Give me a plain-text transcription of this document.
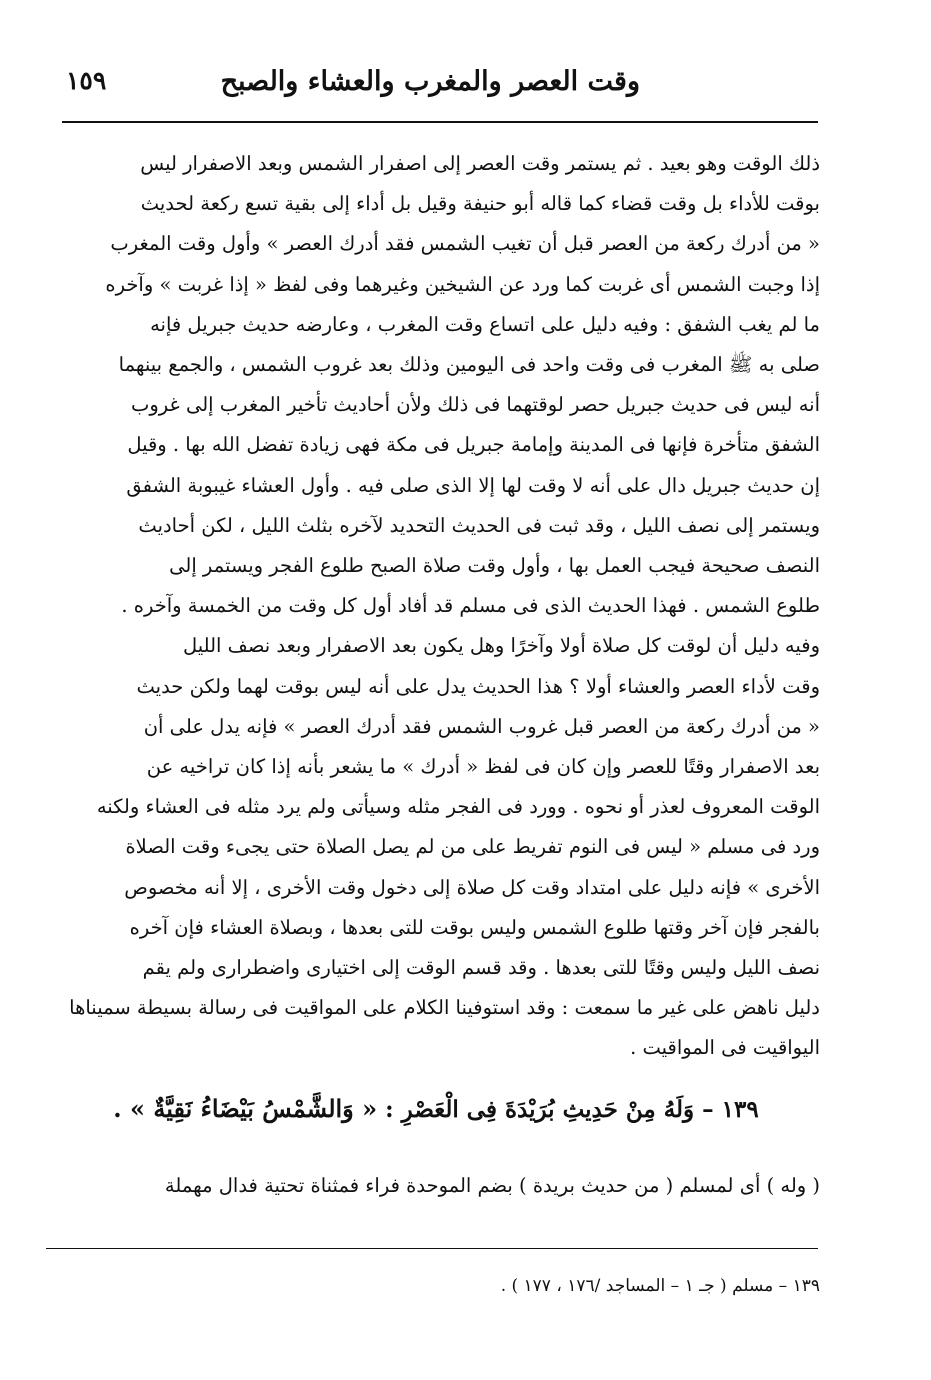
وقت العصر والمغرب والعشاء والصبح
١٥٩

ذلك الوقت وهو بعيد . ثم يستمر وقت العصر إلى اصفرار الشمس وبعد الاصفرار ليس

بوقت للأداء بل وقت قضاء كما قاله أبو حنيفة وقيل بل أداء إلى بقية تسع ركعة لحديث

« من أدرك ركعة من العصر قبل أن تغيب الشمس فقد أدرك العصر » وأول وقت المغرب

إذا وجبت الشمس أى غربت كما ورد عن الشيخين وغيرهما وفى لفظ « إذا غربت » وآخره

ما لم يغب الشفق : وفيه دليل على اتساع وقت المغرب ، وعارضه حديث جبريل فإنه

صلى به ﷺ المغرب فى وقت واحد فى اليومين وذلك بعد غروب الشمس ، والجمع بينهما

أنه ليس فى حديث جبريل حصر لوقتهما فى ذلك ولأن أحاديث تأخير المغرب إلى غروب

الشفق متأخرة فإنها فى المدينة وإمامة جبريل فى مكة فهى زيادة تفضل الله بها . وقيل

إن حديث جبريل دال على أنه لا وقت لها إلا الذى صلى فيه . وأول العشاء غيبوبة الشفق

ويستمر إلى نصف الليل ، وقد ثبت فى الحديث التحديد لآخره بثلث الليل ، لكن أحاديث

النصف صحيحة فيجب العمل بها ، وأول وقت صلاة الصبح طلوع الفجر ويستمر إلى

طلوع الشمس . فهذا الحديث الذى فى مسلم قد أفاد أول كل وقت من الخمسة وآخره .

وفيه دليل أن لوقت كل صلاة أولا وآخرًا وهل يكون بعد الاصفرار وبعد نصف الليل

وقت لأداء العصر والعشاء أولا ؟ هذا الحديث يدل على أنه ليس بوقت لهما ولكن حديث

« من أدرك ركعة من العصر قبل غروب الشمس فقد أدرك العصر » فإنه يدل على أن

بعد الاصفرار وقتًا للعصر وإن كان فى لفظ « أدرك » ما يشعر بأنه إذا كان تراخيه عن

الوقت المعروف لعذر أو نحوه . وورد فى الفجر مثله وسيأتى ولم يرد مثله فى العشاء ولكنه

ورد فى مسلم « ليس فى النوم تفريط على من لم يصل الصلاة حتى يجىء وقت الصلاة

الأخرى » فإنه دليل على امتداد وقت كل صلاة إلى دخول وقت الأخرى ، إلا أنه مخصوص

بالفجر فإن آخر وقتها طلوع الشمس وليس بوقت للتى بعدها ، وبصلاة العشاء فإن آخره

نصف الليل وليس وقتًا للتى بعدها . وقد قسم الوقت إلى اختيارى واضطرارى ولم يقم

دليل ناهض على غير ما سمعت : وقد استوفينا الكلام على المواقيت فى رسالة بسيطة سميناها

اليواقيت فى المواقيت .

١٣٩ – وَلَهُ مِنْ حَدِيثِ بُرَيْدَةَ فِى الْعَصْرِ : « وَالشَّمْسُ بَيْضَاءُ نَقِيَّةٌ » .
( وله ) أى لمسلم ( من حديث بريدة ) بضم الموحدة فراء فمثناة تحتية فدال مهملة
١٣٩ – مسلم ( جـ ١ – المساجد /١٧٦ ، ١٧٧ ) .
